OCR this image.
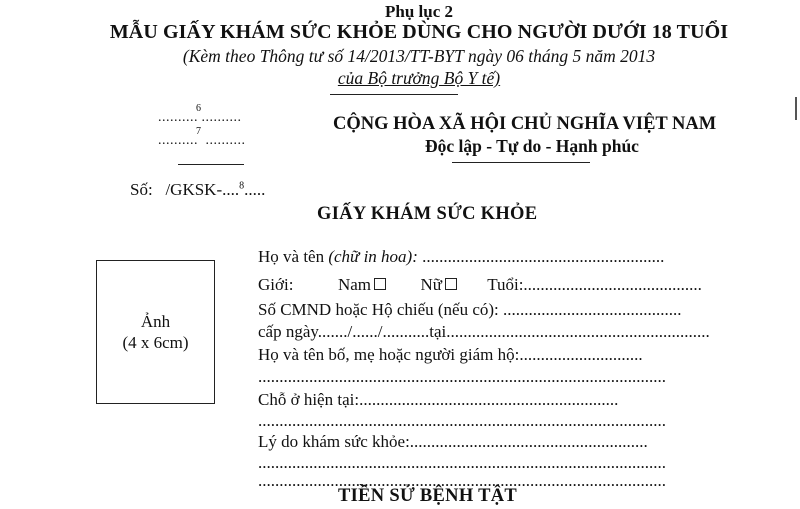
Phụ lục 2
MẪU GIẤY KHÁM SỨC KHỎE DÙNG CHO NGƯỜI DƯỚI 18 TUỔI
(Kèm theo Thông tư số 14/2013/TT-BYT ngày 06 tháng 5 năm 2013
của Bộ trưởng Bộ Y tế)
..........$^6$..........
..........$^7$ ..........
Số: /GKSK-....$^8$.....
CỘNG HÒA XÃ HỘI CHỦ NGHĨA VIỆT NAM
Độc lập - Tự do - Hạnh phúc
GIẤY KHÁM SỨC KHỎE
Ảnh
(4 x 6cm)
Họ và tên (chữ in hoa): .........................................................
Giới:	Nam	Nữ	Tuổi:..........................................
Số CMND hoặc Hộ chiếu (nếu có): ..........................................
cấp ngày......./....../...........tại..............................................................
Họ và tên bố, mẹ hoặc người giám hộ:.............................
................................................................................................
Chỗ ở hiện tại:.............................................................
................................................................................................
Lý do khám sức khỏe:........................................................
................................................................................................
................................................................................................
TIỀN SỬ BỆNH TẬT
